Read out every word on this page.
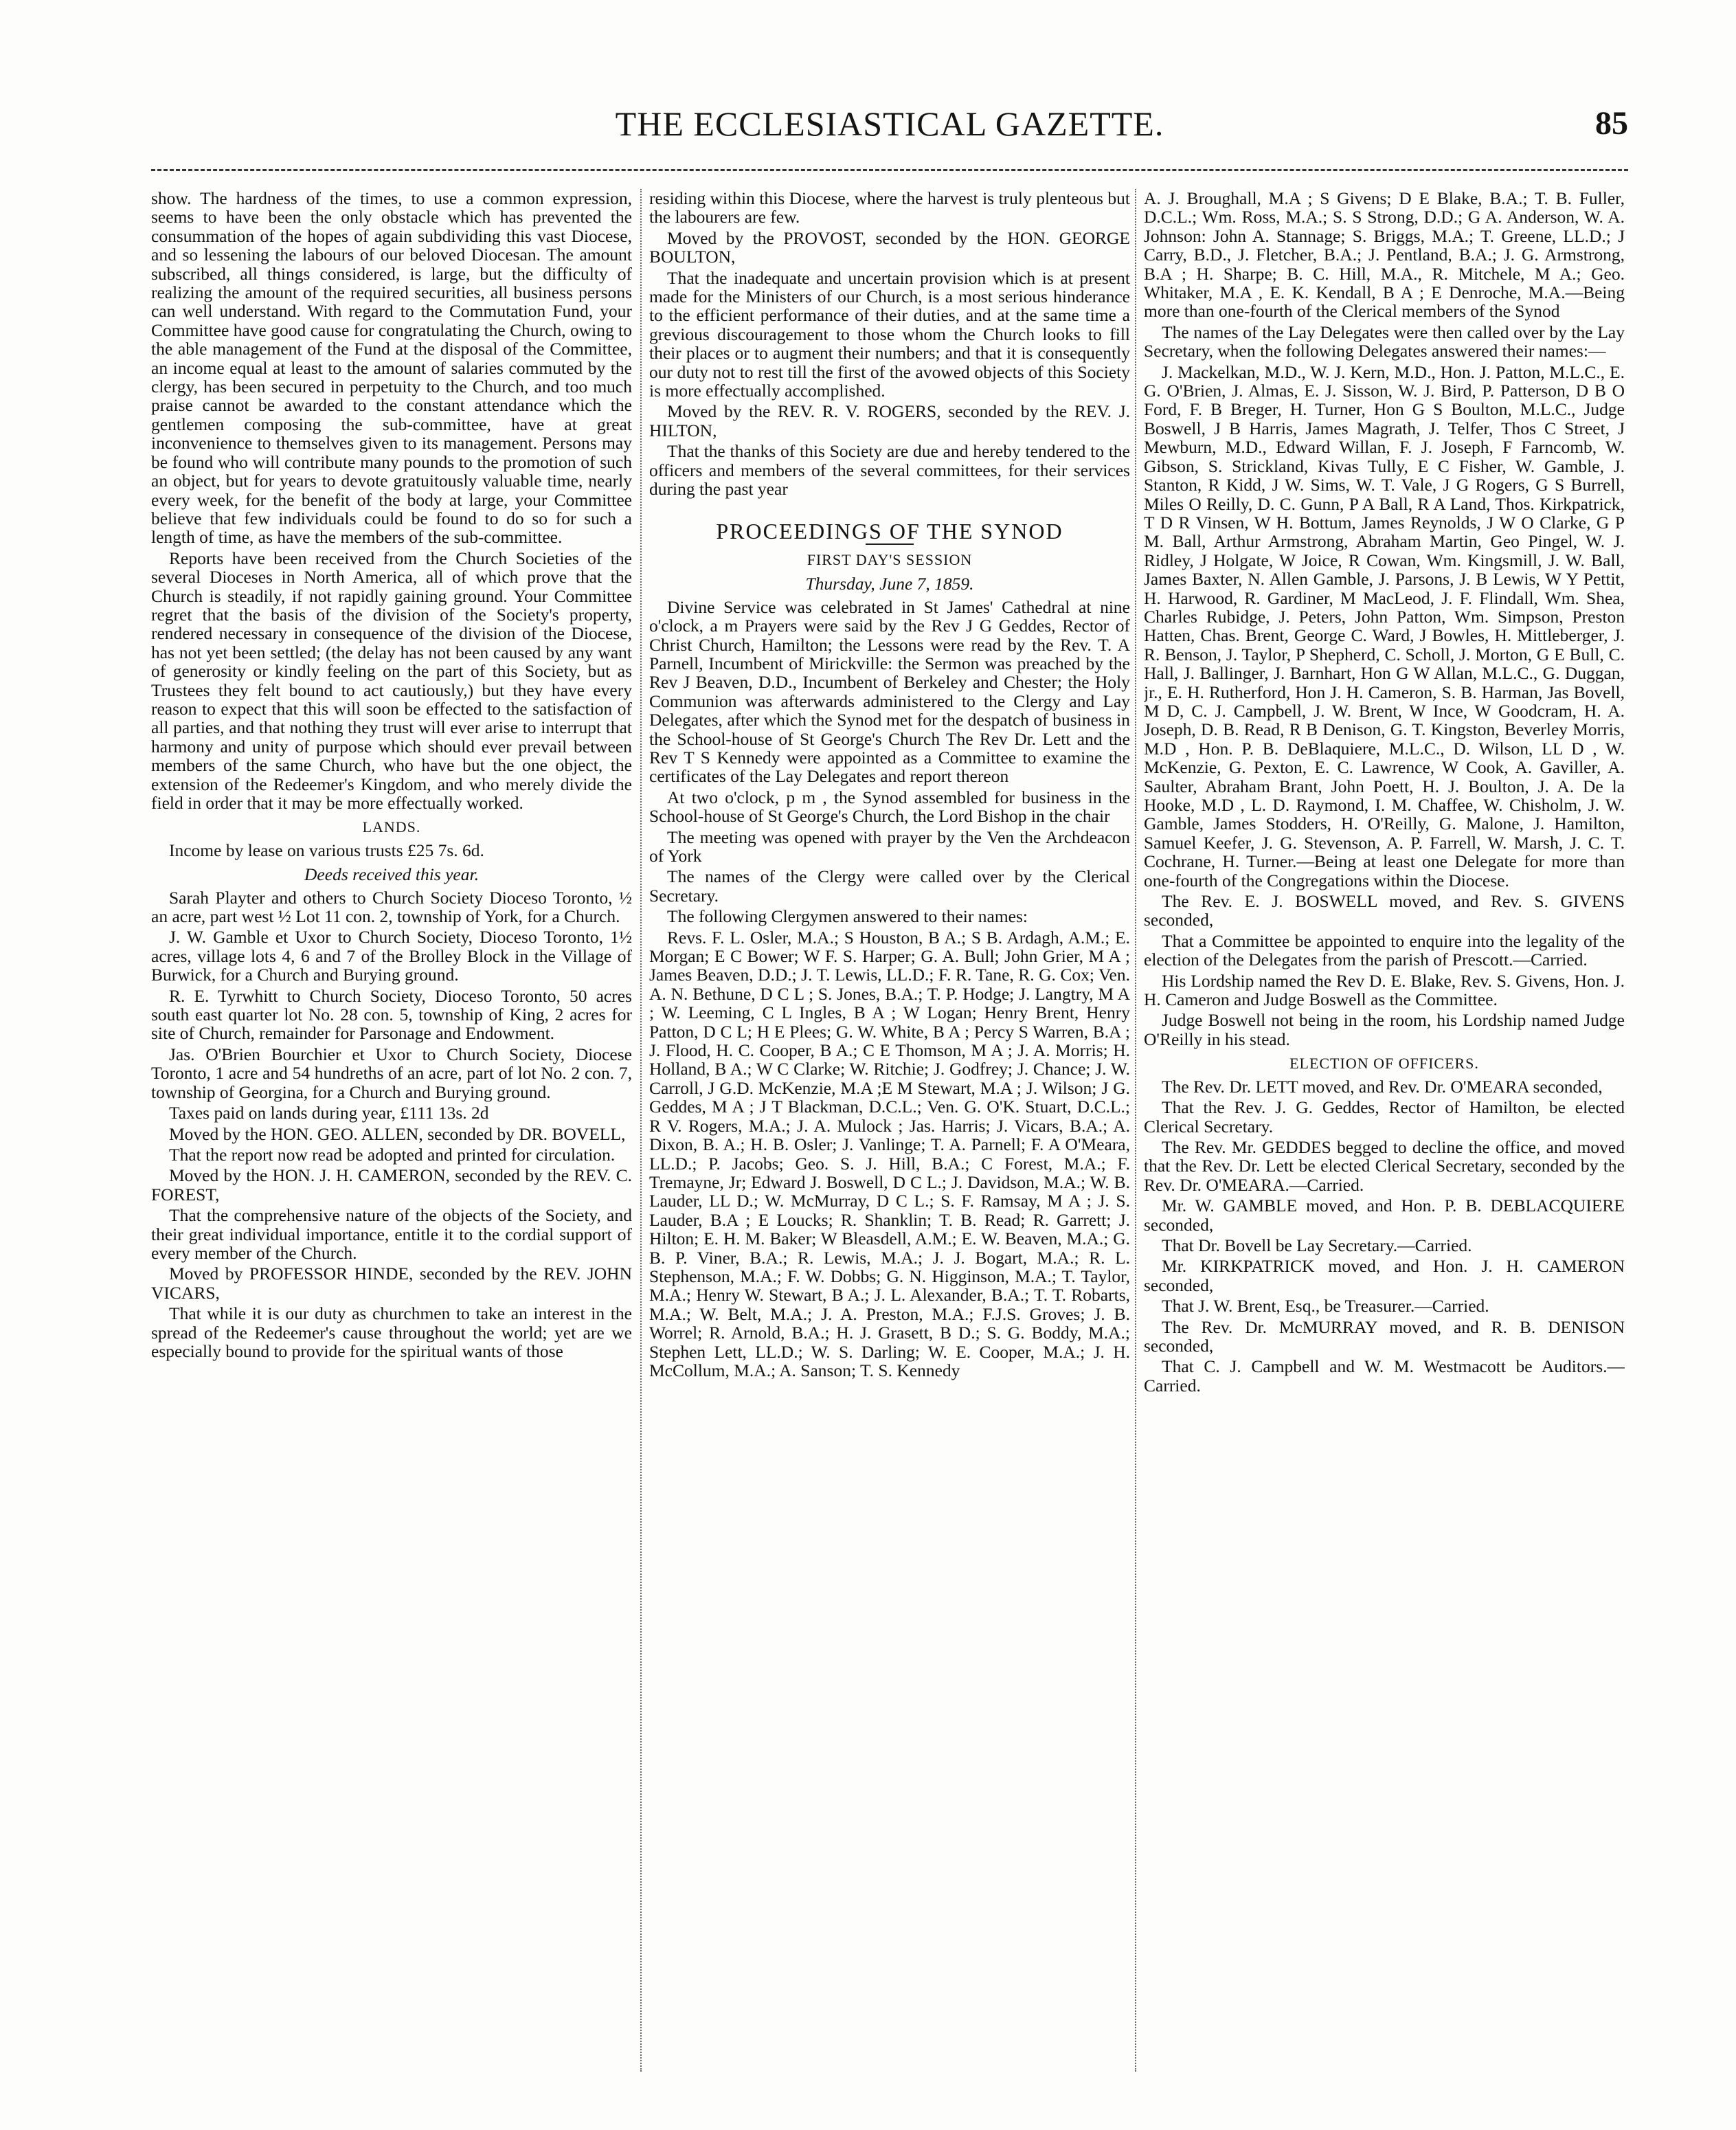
THE ECCLESIASTICAL GAZETTE.	85

show. The hardness of the times, to use a common expression, seems to have been the only obstacle which has prevented the consummation of the hopes of again subdividing this vast Diocese, and so lessening the labours of our beloved Diocesan. The amount subscribed, all things considered, is large, but the difficulty of realizing the amount of the required securities, all business persons can well understand. With regard to the Commutation Fund, your Committee have good cause for congratulating the Church, owing to the able management of the Fund at the disposal of the Committee, an income equal at least to the amount of salaries commuted by the clergy, has been secured in perpetuity to the Church, and too much praise cannot be awarded to the constant attendance which the gentlemen composing the sub-committee, have at great inconvenience to themselves given to its management. Persons may be found who will contribute many pounds to the promotion of such an object, but for years to devote gratuitously valuable time, nearly every week, for the benefit of the body at large, your Committee believe that few individuals could be found to do so for such a length of time, as have the members of the sub-committee.

Reports have been received from the Church Societies of the several Dioceses in North America, all of which prove that the Church is steadily, if not rapidly gaining ground. Your Committee regret that the basis of the division of the Society's property, rendered necessary in consequence of the division of the Diocese, has not yet been settled; (the delay has not been caused by any want of generosity or kindly feeling on the part of this Society, but as Trustees they felt bound to act cautiously,) but they have every reason to expect that this will soon be effected to the satisfaction of all parties, and that nothing they trust will ever arise to interrupt that harmony and unity of purpose which should ever prevail between members of the same Church, who have but the one object, the extension of the Redeemer's Kingdom, and who merely divide the field in order that it may be more effectually worked.

LANDS.

Income by lease on various trusts £25 7s. 6d.

Deeds received this year.

Sarah Playter and others to Church Society Dioceso Toronto, ½ an acre, part west ½ Lot 11 con. 2, township of York, for a Church.

J. W. Gamble et Uxor to Church Society, Dioceso Toronto, 1½ acres, village lots 4, 6 and 7 of the Brolley Block in the Village of Burwick, for a Church and Burying ground.

R. E. Tyrwhitt to Church Society, Dioceso Toronto, 50 acres south east quarter lot No. 28 con. 5, township of King, 2 acres for site of Church, remainder for Parsonage and Endowment.

Jas. O'Brien Bourchier et Uxor to Church Society, Diocese Toronto, 1 acre and 54 hundreths of an acre, part of lot No. 2 con. 7, township of Georgina, for a Church and Burying ground.

Taxes paid on lands during year, £111 13s. 2d

Moved by the HON. GEO. ALLEN, seconded by DR. BOVELL,

That the report now read be adopted and printed for circulation.

Moved by the HON. J. H. CAMERON, seconded by the REV. C. FOREST,

That the comprehensive nature of the objects of the Society, and their great individual importance, entitle it to the cordial support of every member of the Church.

Moved by PROFESSOR HINDE, seconded by the REV. JOHN VICARS,

That while it is our duty as churchmen to take an interest in the spread of the Redeemer's cause throughout the world; yet are we especially bound to provide for the spiritual wants of those

residing within this Diocese, where the harvest is truly plenteous but the labourers are few.

Moved by the PROVOST, seconded by the HON. GEORGE BOULTON,

That the inadequate and uncertain provision which is at present made for the Ministers of our Church, is a most serious hinderance to the efficient performance of their duties, and at the same time a grevious discouragement to those whom the Church looks to fill their places or to augment their numbers; and that it is consequently our duty not to rest till the first of the avowed objects of this Society is more effectually accomplished.

Moved by the REV. R. V. ROGERS, seconded by the REV. J. HILTON,

That the thanks of this Society are due and hereby tendered to the officers and members of the several committees, for their services during the past year

PROCEEDINGS OF THE SYNOD

FIRST DAY'S SESSION

Thursday, June 7, 1859.

Divine Service was celebrated in St James' Cathedral at nine o'clock, a m Prayers were said by the Rev J G Geddes, Rector of Christ Church, Hamilton; the Lessons were read by the Rev. T. A Parnell, Incumbent of Mirickville: the Sermon was preached by the Rev J Beaven, D.D., Incumbent of Berkeley and Chester; the Holy Communion was afterwards administered to the Clergy and Lay Delegates, after which the Synod met for the despatch of business in the School-house of St George's Church The Rev Dr. Lett and the Rev T S Kennedy were appointed as a Committee to examine the certificates of the Lay Delegates and report thereon

At two o'clock, p m , the Synod assembled for business in the School-house of St George's Church, the Lord Bishop in the chair

The meeting was opened with prayer by the Ven the Archdeacon of York

The names of the Clergy were called over by the Clerical Secretary.

The following Clergymen answered to their names:

Revs. F. L. Osler, M.A.; S Houston, B A.; S B. Ardagh, A.M.; E. Morgan; E C Bower; W F. S. Harper; G. A. Bull; John Grier, M A ; James Beaven, D.D.; J. T. Lewis, LL.D.; F. R. Tane, R. G. Cox; Ven. A. N. Bethune, D C L ; S. Jones, B.A.; T. P. Hodge; J. Langtry, M A ; W. Leeming, C L Ingles, B A ; W Logan; Henry Brent, Henry Patton, D C L; H E Plees; G. W. White, B A ; Percy S Warren, B.A ; J. Flood, H. C. Cooper, B A.; C E Thomson, M A ; J. A. Morris; H. Holland, B A.; W C Clarke; W. Ritchie; J. Godfrey; J. Chance; J. W. Carroll, J G.D. McKenzie, M.A ;E M Stewart, M.A ; J. Wilson; J G. Geddes, M A ; J T Blackman, D.C.L.; Ven. G. O'K. Stuart, D.C.L.; R V. Rogers, M.A.; J. A. Mulock ; Jas. Harris; J. Vicars, B.A.; A. Dixon, B. A.; H. B. Osler; J. Vanlinge; T. A. Parnell; F. A O'Meara, LL.D.; P. Jacobs; Geo. S. J. Hill, B.A.; C Forest, M.A.; F. Tremayne, Jr; Edward J. Boswell, D C L.; J. Davidson, M.A.; W. B. Lauder, LL D.; W. McMurray, D C L.; S. F. Ramsay, M A ; J. S. Lauder, B.A ; E Loucks; R. Shanklin; T. B. Read; R. Garrett; J. Hilton; E. H. M. Baker; W Bleasdell, A.M.; E. W. Beaven, M.A.; G. B. P. Viner, B.A.; R. Lewis, M.A.; J. J. Bogart, M.A.; R. L. Stephenson, M.A.; F. W. Dobbs; G. N. Higginson, M.A.; T. Taylor, M.A.; Henry W. Stewart, B A.; J. L. Alexander, B.A.; T. T. Robarts, M.A.; W. Belt, M.A.; J. A. Preston, M.A.; F.J.S. Groves; J. B. Worrel; R. Arnold, B.A.; H. J. Grasett, B D.; S. G. Boddy, M.A.; Stephen Lett, LL.D.; W. S. Darling; W. E. Cooper, M.A.; J. H. McCollum, M.A.; A. Sanson; T. S. Kennedy

A. J. Broughall, M.A ; S Givens; D E Blake, B.A.; T. B. Fuller, D.C.L.; Wm. Ross, M.A.; S. S Strong, D.D.; G A. Anderson, W. A. Johnson: John A. Stannage; S. Briggs, M.A.; T. Greene, LL.D.; J Carry, B.D., J. Fletcher, B.A.; J. Pentland, B.A.; J. G. Armstrong, B.A ; H. Sharpe; B. C. Hill, M.A., R. Mitchele, M A.; Geo. Whitaker, M.A , E. K. Kendall, B A ; E Denroche, M.A.—Being more than one-fourth of the Clerical members of the Synod

The names of the Lay Delegates were then called over by the Lay Secretary, when the following Delegates answered their names:—

J. Mackelkan, M.D., W. J. Kern, M.D., Hon. J. Patton, M.L.C., E. G. O'Brien, J. Almas, E. J. Sisson, W. J. Bird, P. Patterson, D B O Ford, F. B Breger, H. Turner, Hon G S Boulton, M.L.C., Judge Boswell, J B Harris, James Magrath, J. Telfer, Thos C Street, J Mewburn, M.D., Edward Willan, F. J. Joseph, F Farncomb, W. Gibson, S. Strickland, Kivas Tully, E C Fisher, W. Gamble, J. Stanton, R Kidd, J W. Sims, W. T. Vale, J G Rogers, G S Burrell, Miles O Reilly, D. C. Gunn, P A Ball, R A Land, Thos. Kirkpatrick, T D R Vinsen, W H. Bottum, James Reynolds, J W O Clarke, G P M. Ball, Arthur Armstrong, Abraham Martin, Geo Pingel, W. J. Ridley, J Holgate, W Joice, R Cowan, Wm. Kingsmill, J. W. Ball, James Baxter, N. Allen Gamble, J. Parsons, J. B Lewis, W Y Pettit, H. Harwood, R. Gardiner, M MacLeod, J. F. Flindall, Wm. Shea, Charles Rubidge, J. Peters, John Patton, Wm. Simpson, Preston Hatten, Chas. Brent, George C. Ward, J Bowles, H. Mittleberger, J. R. Benson, J. Taylor, P Shepherd, C. Scholl, J. Morton, G E Bull, C. Hall, J. Ballinger, J. Barnhart, Hon G W Allan, M.L.C., G. Duggan, jr., E. H. Rutherford, Hon J. H. Cameron, S. B. Harman, Jas Bovell, M D, C. J. Campbell, J. W. Brent, W Ince, W Goodcram, H. A. Joseph, D. B. Read, R B Denison, G. T. Kingston, Beverley Morris, M.D , Hon. P. B. DeBlaquiere, M.L.C., D. Wilson, LL D , W. McKenzie, G. Pexton, E. C. Lawrence, W Cook, A. Gaviller, A. Saulter, Abraham Brant, John Poett, H. J. Boulton, J. A. De la Hooke, M.D , L. D. Raymond, I. M. Chaffee, W. Chisholm, J. W. Gamble, James Stodders, H. O'Reilly, G. Malone, J. Hamilton, Samuel Keefer, J. G. Stevenson, A. P. Farrell, W. Marsh, J. C. T. Cochrane, H. Turner.—Being at least one Delegate for more than one-fourth of the Congregations within the Diocese.

The Rev. E. J. BOSWELL moved, and Rev. S. GIVENS seconded,

That a Committee be appointed to enquire into the legality of the election of the Delegates from the parish of Prescott.—Carried.

His Lordship named the Rev D. E. Blake, Rev. S. Givens, Hon. J. H. Cameron and Judge Boswell as the Committee.

Judge Boswell not being in the room, his Lordship named Judge O'Reilly in his stead.

ELECTION OF OFFICERS.

The Rev. Dr. LETT moved, and Rev. Dr. O'MEARA seconded,

That the Rev. J. G. Geddes, Rector of Hamilton, be elected Clerical Secretary.

The Rev. Mr. GEDDES begged to decline the office, and moved that the Rev. Dr. Lett be elected Clerical Secretary, seconded by the Rev. Dr. O'MEARA.—Carried.

Mr. W. GAMBLE moved, and Hon. P. B. DEBLACQUIERE seconded,

That Dr. Bovell be Lay Secretary.—Carried.

Mr. KIRKPATRICK moved, and Hon. J. H. CAMERON seconded,

That J. W. Brent, Esq., be Treasurer.—Carried.

The Rev. Dr. McMURRAY moved, and R. B. DENISON seconded,

That C. J. Campbell and W. M. Westmacott be Auditors.—Carried.
